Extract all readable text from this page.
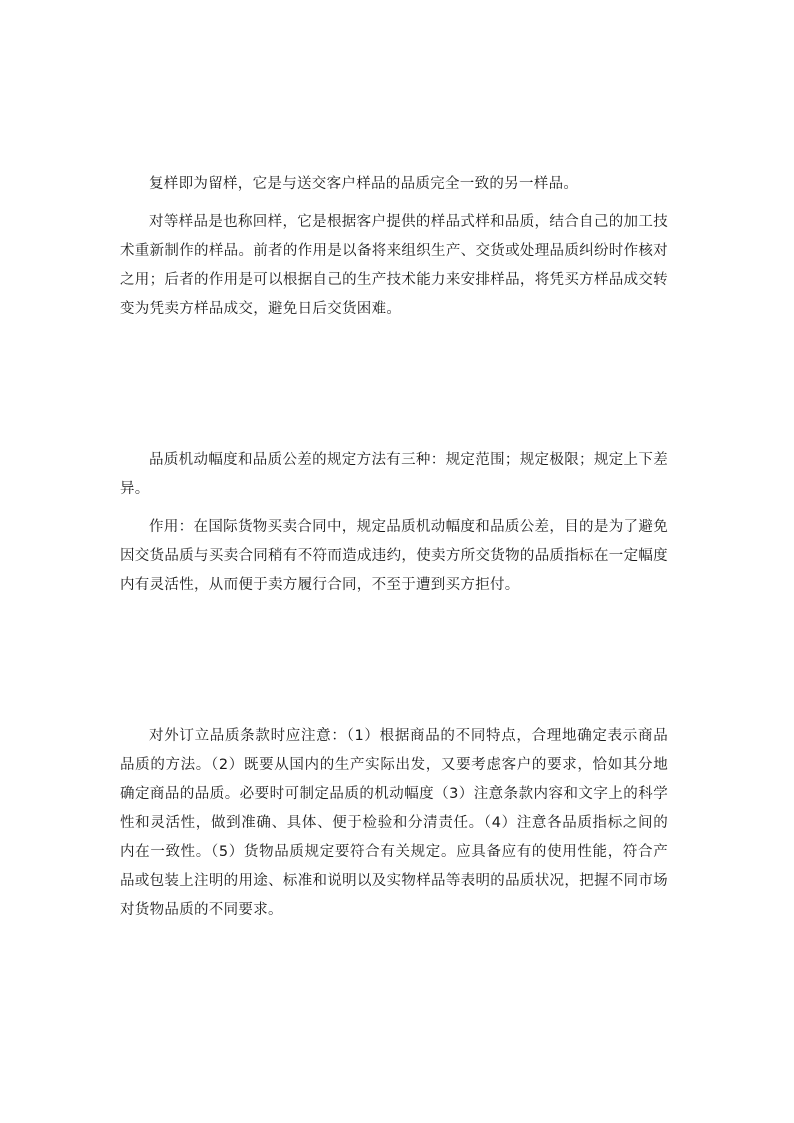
复样即为留样，它是与送交客户样品的品质完全一致的另一样品。

对等样品是也称回样，它是根据客户提供的样品式样和品质，结合自己的加工技术重新制作的样品。前者的作用是以备将来组织生产、交货或处理品质纠纷时作核对之用；后者的作用是可以根据自己的生产技术能力来安排样品，将凭买方样品成交转变为凭卖方样品成交，避免日后交货困难。

品质机动幅度和品质公差的规定方法有三种：规定范围；规定极限；规定上下差异。

作用：在国际货物买卖合同中，规定品质机动幅度和品质公差，目的是为了避免因交货品质与买卖合同稍有不符而造成违约，使卖方所交货物的品质指标在一定幅度内有灵活性，从而便于卖方履行合同，不至于遭到买方拒付。

对外订立品质条款时应注意：（1）根据商品的不同特点，合理地确定表示商品品质的方法。（2）既要从国内的生产实际出发，又要考虑客户的要求，恰如其分地确定商品的品质。必要时可制定品质的机动幅度（3）注意条款内容和文字上的科学性和灵活性，做到准确、具体、便于检验和分清责任。（4）注意各品质指标之间的内在一致性。（5）货物品质规定要符合有关规定。应具备应有的使用性能，符合产品或包装上注明的用途、标准和说明以及实物样品等表明的品质状况，把握不同市场对货物品质的不同要求。
